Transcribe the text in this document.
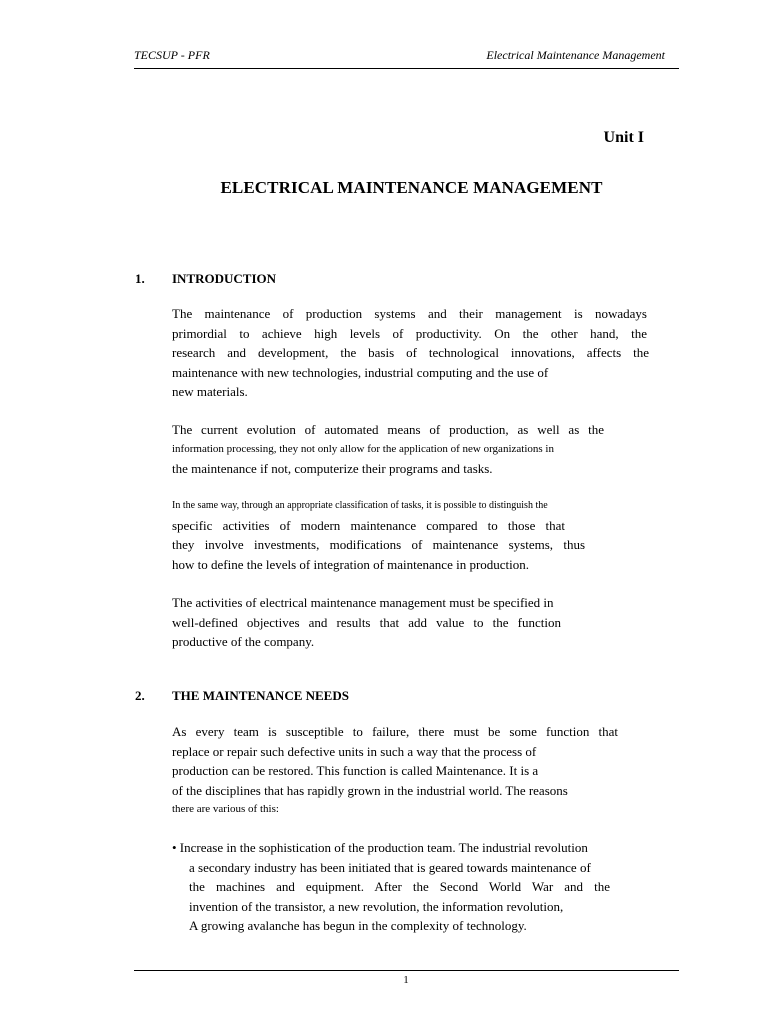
TECSUP - PFR	Electrical Maintenance Management
Unit I
ELECTRICAL MAINTENANCE MANAGEMENT
1. INTRODUCTION
The maintenance of production systems and their management is nowadays
primordial to achieve high levels of productivity. On the other hand, the
research and development, the basis of technological innovations, affects the
maintenance with new technologies, industrial computing and the use of
new materials.
The current evolution of automated means of production, as well as the
information processing, they not only allow for the application of new organizations in
the maintenance if not, computerize their programs and tasks.
In the same way, through an appropriate classification of tasks, it is possible to distinguish the
specific activities of modern maintenance compared to those that
they involve investments, modifications of maintenance systems, thus
how to define the levels of integration of maintenance in production.
The activities of electrical maintenance management must be specified in
well-defined objectives and results that add value to the function
productive of the company.
2. THE MAINTENANCE NEEDS
As every team is susceptible to failure, there must be some function that
replace or repair such defective units in such a way that the process of
production can be restored. This function is called Maintenance. It is a
of the disciplines that has rapidly grown in the industrial world. The reasons
there are various of this:
• Increase in the sophistication of the production team. The industrial revolution
a secondary industry has been initiated that is geared towards maintenance of
the machines and equipment. After the Second World War and the
invention of the transistor, a new revolution, the information revolution,
A growing avalanche has begun in the complexity of technology.
1
